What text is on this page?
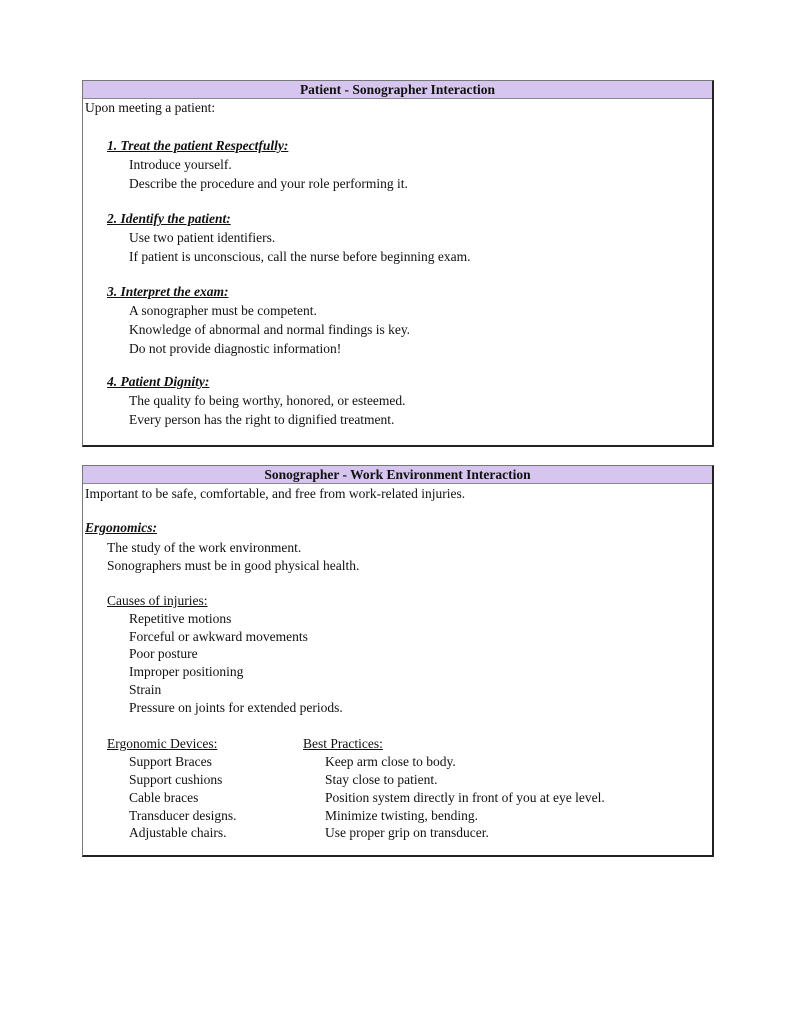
Patient - Sonographer Interaction
Upon meeting a patient:
1. Treat the patient Respectfully:
Introduce yourself.
Describe the procedure and your role performing it.
2. Identify the patient:
Use two patient identifiers.
If patient is unconscious, call the nurse before beginning exam.
3. Interpret the exam:
A sonographer must be competent.
Knowledge of abnormal and normal findings is key.
Do not provide diagnostic information!
4. Patient Dignity:
The quality fo being worthy, honored, or esteemed.
Every person has the right to dignified treatment.
Sonographer - Work Environment Interaction
Important to be safe, comfortable, and free from work-related injuries.
Ergonomics:
The study of the work environment.
Sonographers must be in good physical health.
Causes of injuries:
Repetitive motions
Forceful or awkward movements
Poor posture
Improper positioning
Strain
Pressure on joints for extended periods.
Ergonomic Devices:
Support Braces
Support cushions
Cable braces
Transducer designs.
Adjustable chairs.
Best Practices:
Keep arm close to body.
Stay close to patient.
Position system directly in front of you at eye level.
Minimize twisting, bending.
Use proper grip on transducer.
